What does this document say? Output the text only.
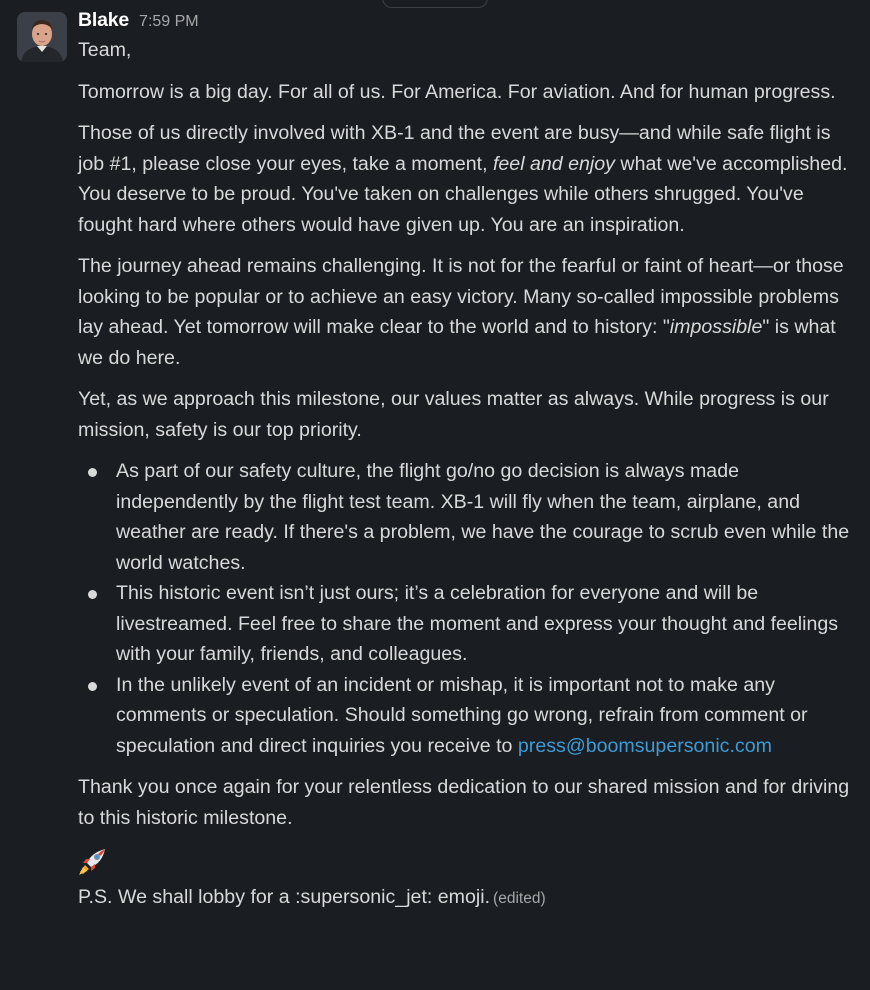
Blake 7:59 PM

Team,

Tomorrow is a big day. For all of us. For America. For aviation. And for human progress.

Those of us directly involved with XB-1 and the event are busy—and while safe flight is job #1, please close your eyes, take a moment, feel and enjoy what we've accomplished. You deserve to be proud. You've taken on challenges while others shrugged. You've fought hard where others would have given up. You are an inspiration.

The journey ahead remains challenging. It is not for the fearful or faint of heart—or those looking to be popular or to achieve an easy victory. Many so-called impossible problems lay ahead. Yet tomorrow will make clear to the world and to history: "impossible" is what we do here.

Yet, as we approach this milestone, our values matter as always. While progress is our mission, safety is our top priority.

As part of our safety culture, the flight go/no go decision is always made independently by the flight test team. XB-1 will fly when the team, airplane, and weather are ready. If there's a problem, we have the courage to scrub even while the world watches.
This historic event isn’t just ours; it’s a celebration for everyone and will be livestreamed. Feel free to share the moment and express your thought and feelings with your family, friends, and colleagues.
In the unlikely event of an incident or mishap, it is important not to make any comments or speculation. Should something go wrong, refrain from comment or speculation and direct inquiries you receive to press@boomsupersonic.com

Thank you once again for your relentless dedication to our shared mission and for driving to this historic milestone.

P.S. We shall lobby for a :supersonic_jet: emoji. (edited)
